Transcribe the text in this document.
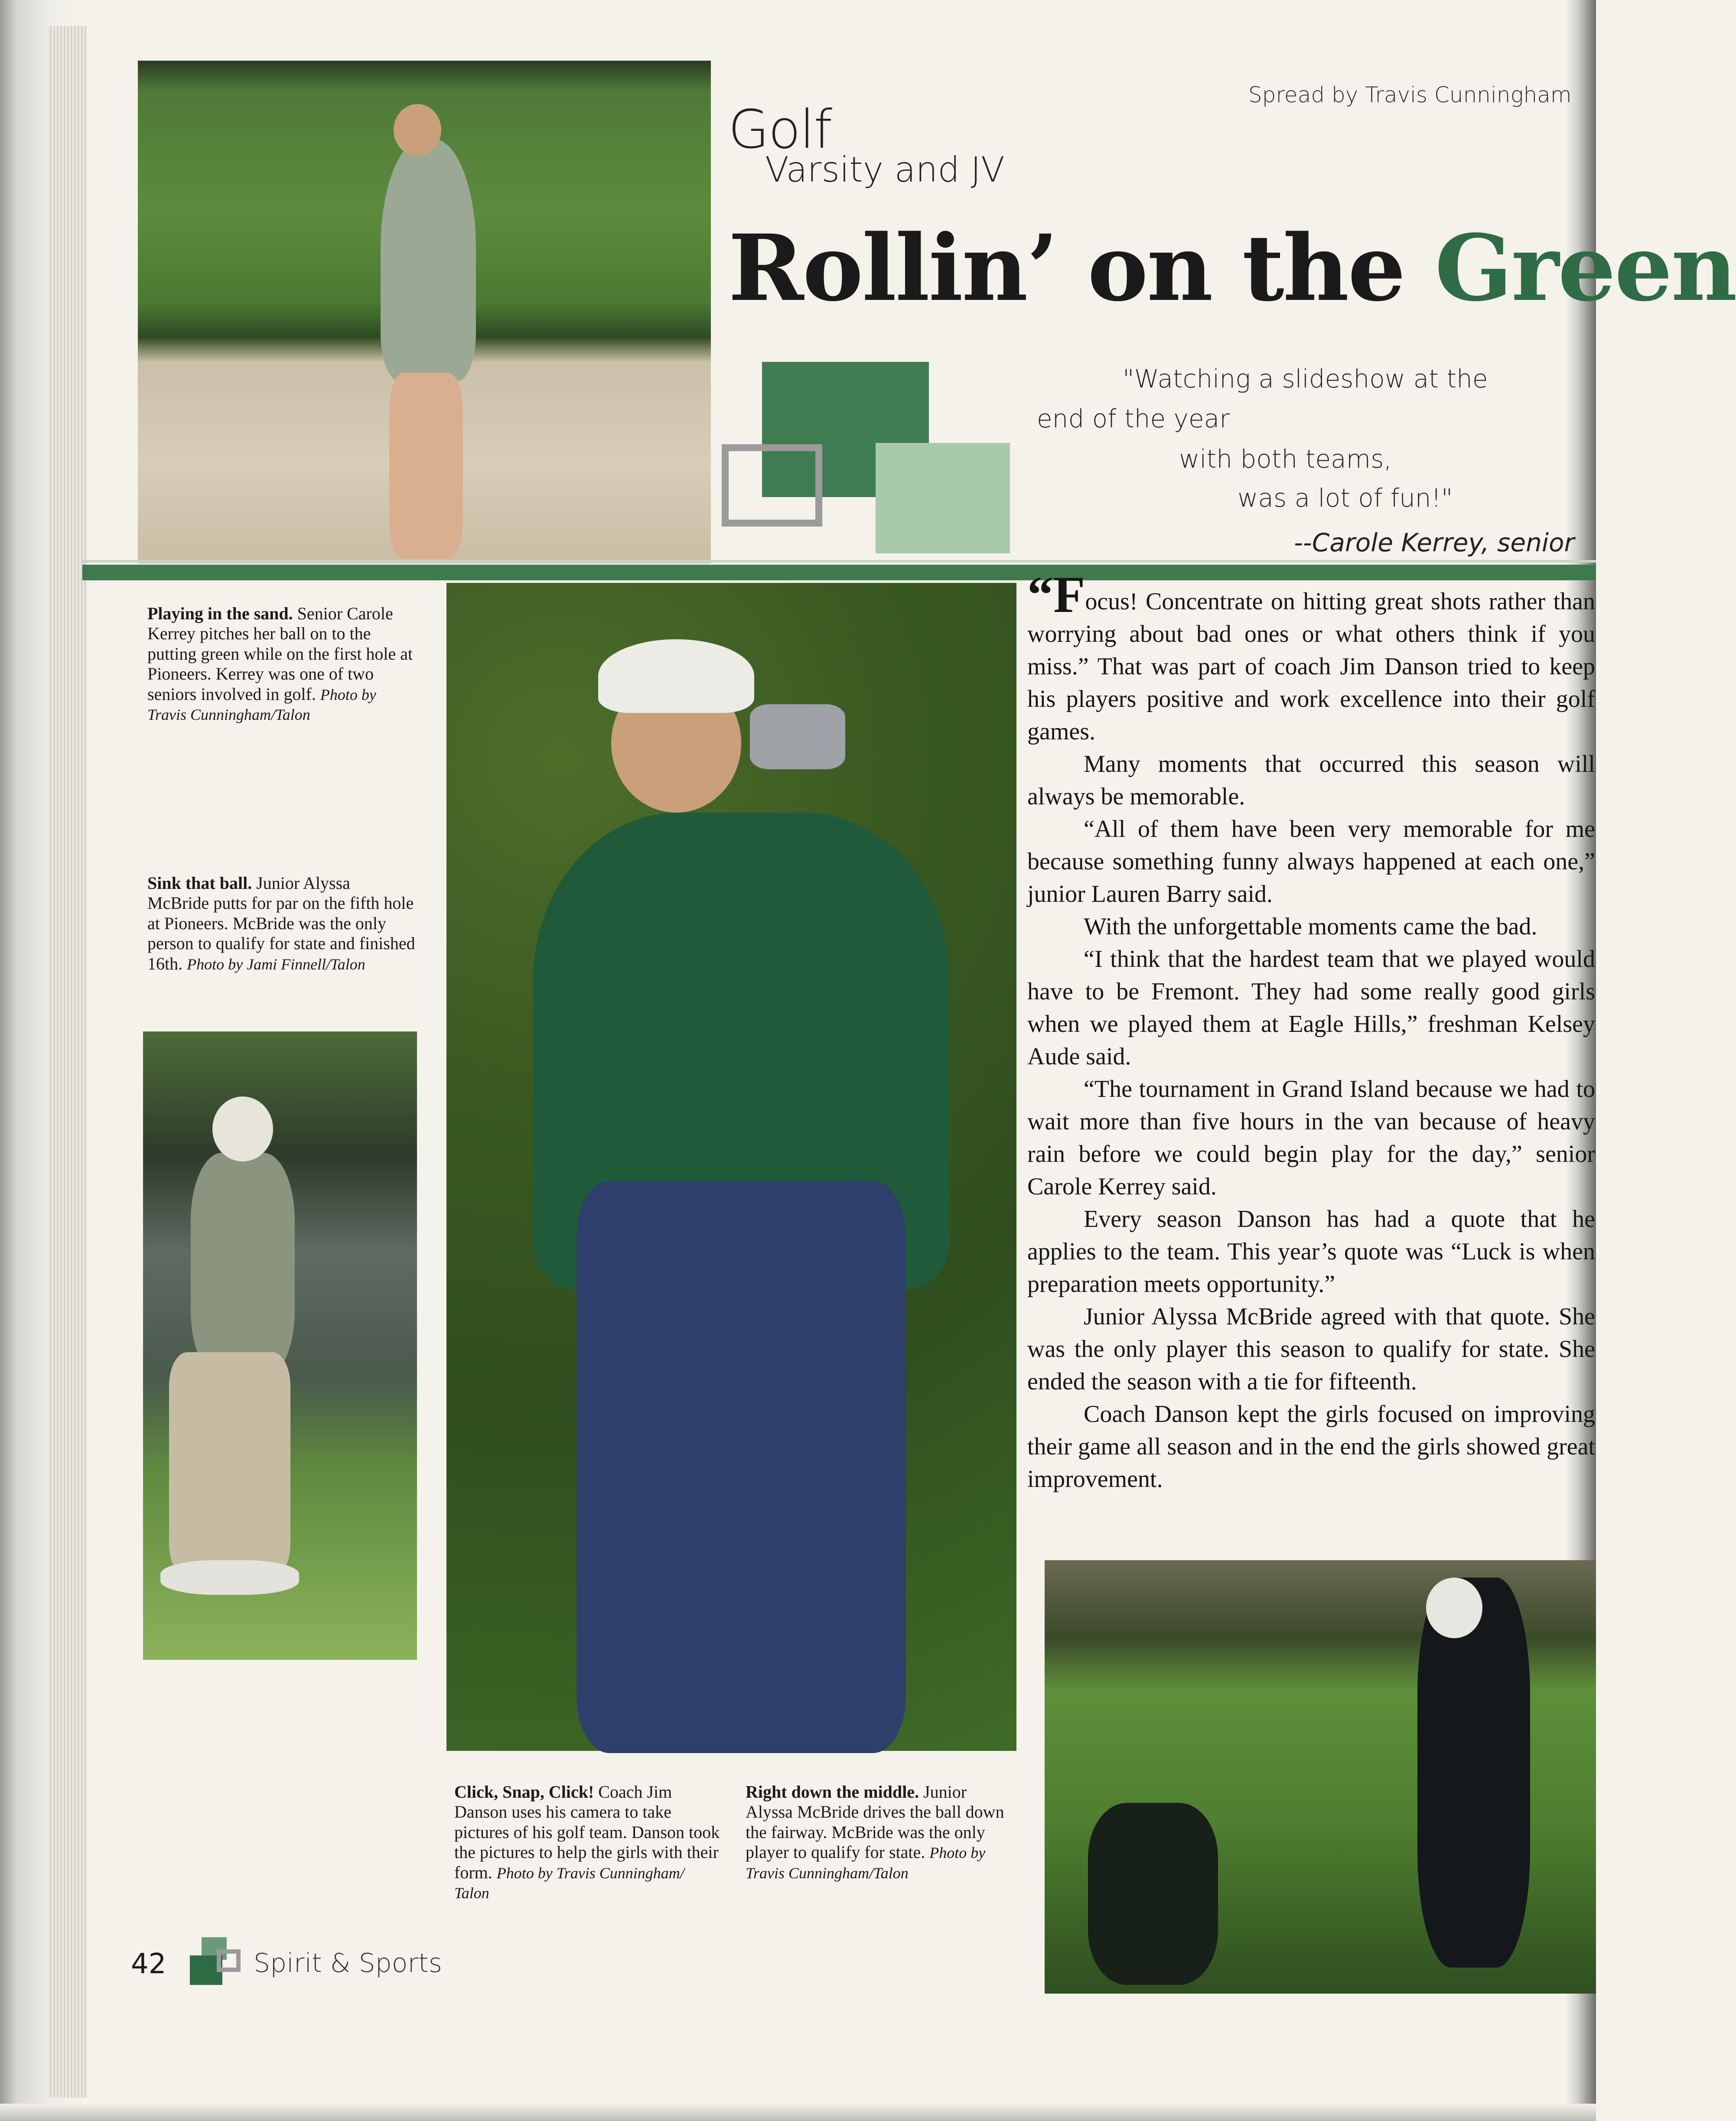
Spread by Travis Cunningham
Golf
Varsity and JV
Rollin’ on the Green
"Watching a slideshow at the
end of the year
with both teams,
was a lot of fun!"
--Carole Kerrey, senior
Playing in the sand. Senior Carole Kerrey pitches her ball on to the putting green while on the first hole at Pioneers. Kerrey was one of two seniors involved in golf. Photo by Travis Cunningham/Talon
Sink that ball. Junior Alyssa McBride putts for par on the fifth hole at Pioneers. McBride was the only person to qualify for state and finished 16th. Photo by Jami Finnell/Talon
Click, Snap, Click! Coach Jim Danson uses his camera to take pictures of his golf team. Danson took the pictures to help the girls with their form. Photo by Travis Cunningham/ Talon
Right down the middle. Junior Alyssa McBride drives the ball down the fairway. McBride was the only player to qualify for state. Photo by Travis Cunningham/Talon

“Focus! Concentrate on hitting great shots rather than worrying about bad ones or what others think if you miss.” That was part of coach Jim Danson tried to keep his players positive and work excellence into their golf games.

Many moments that occurred this season will always be memorable.

“All of them have been very memorable for me because something funny always happened at each one,” junior Lauren Barry said.

With the unforgettable moments came the bad.

“I think that the hardest team that we played would have to be Fremont. They had some really good girls when we played them at Eagle Hills,” freshman Kelsey Aude said.

“The tournament in Grand Island because we had to wait more than five hours in the van because of heavy rain before we could begin play for the day,” senior Carole Kerrey said.

Every season Danson has had a quote that he applies to the team. This year’s quote was “Luck is when preparation meets opportunity.”

Junior Alyssa McBride agreed with that quote. She was the only player this season to qualify for state. She ended the season with a tie for fifteenth.

Coach Danson kept the girls focused on improving their game all season and in the end the girls showed great improvement.

42	Spirit & Sports
